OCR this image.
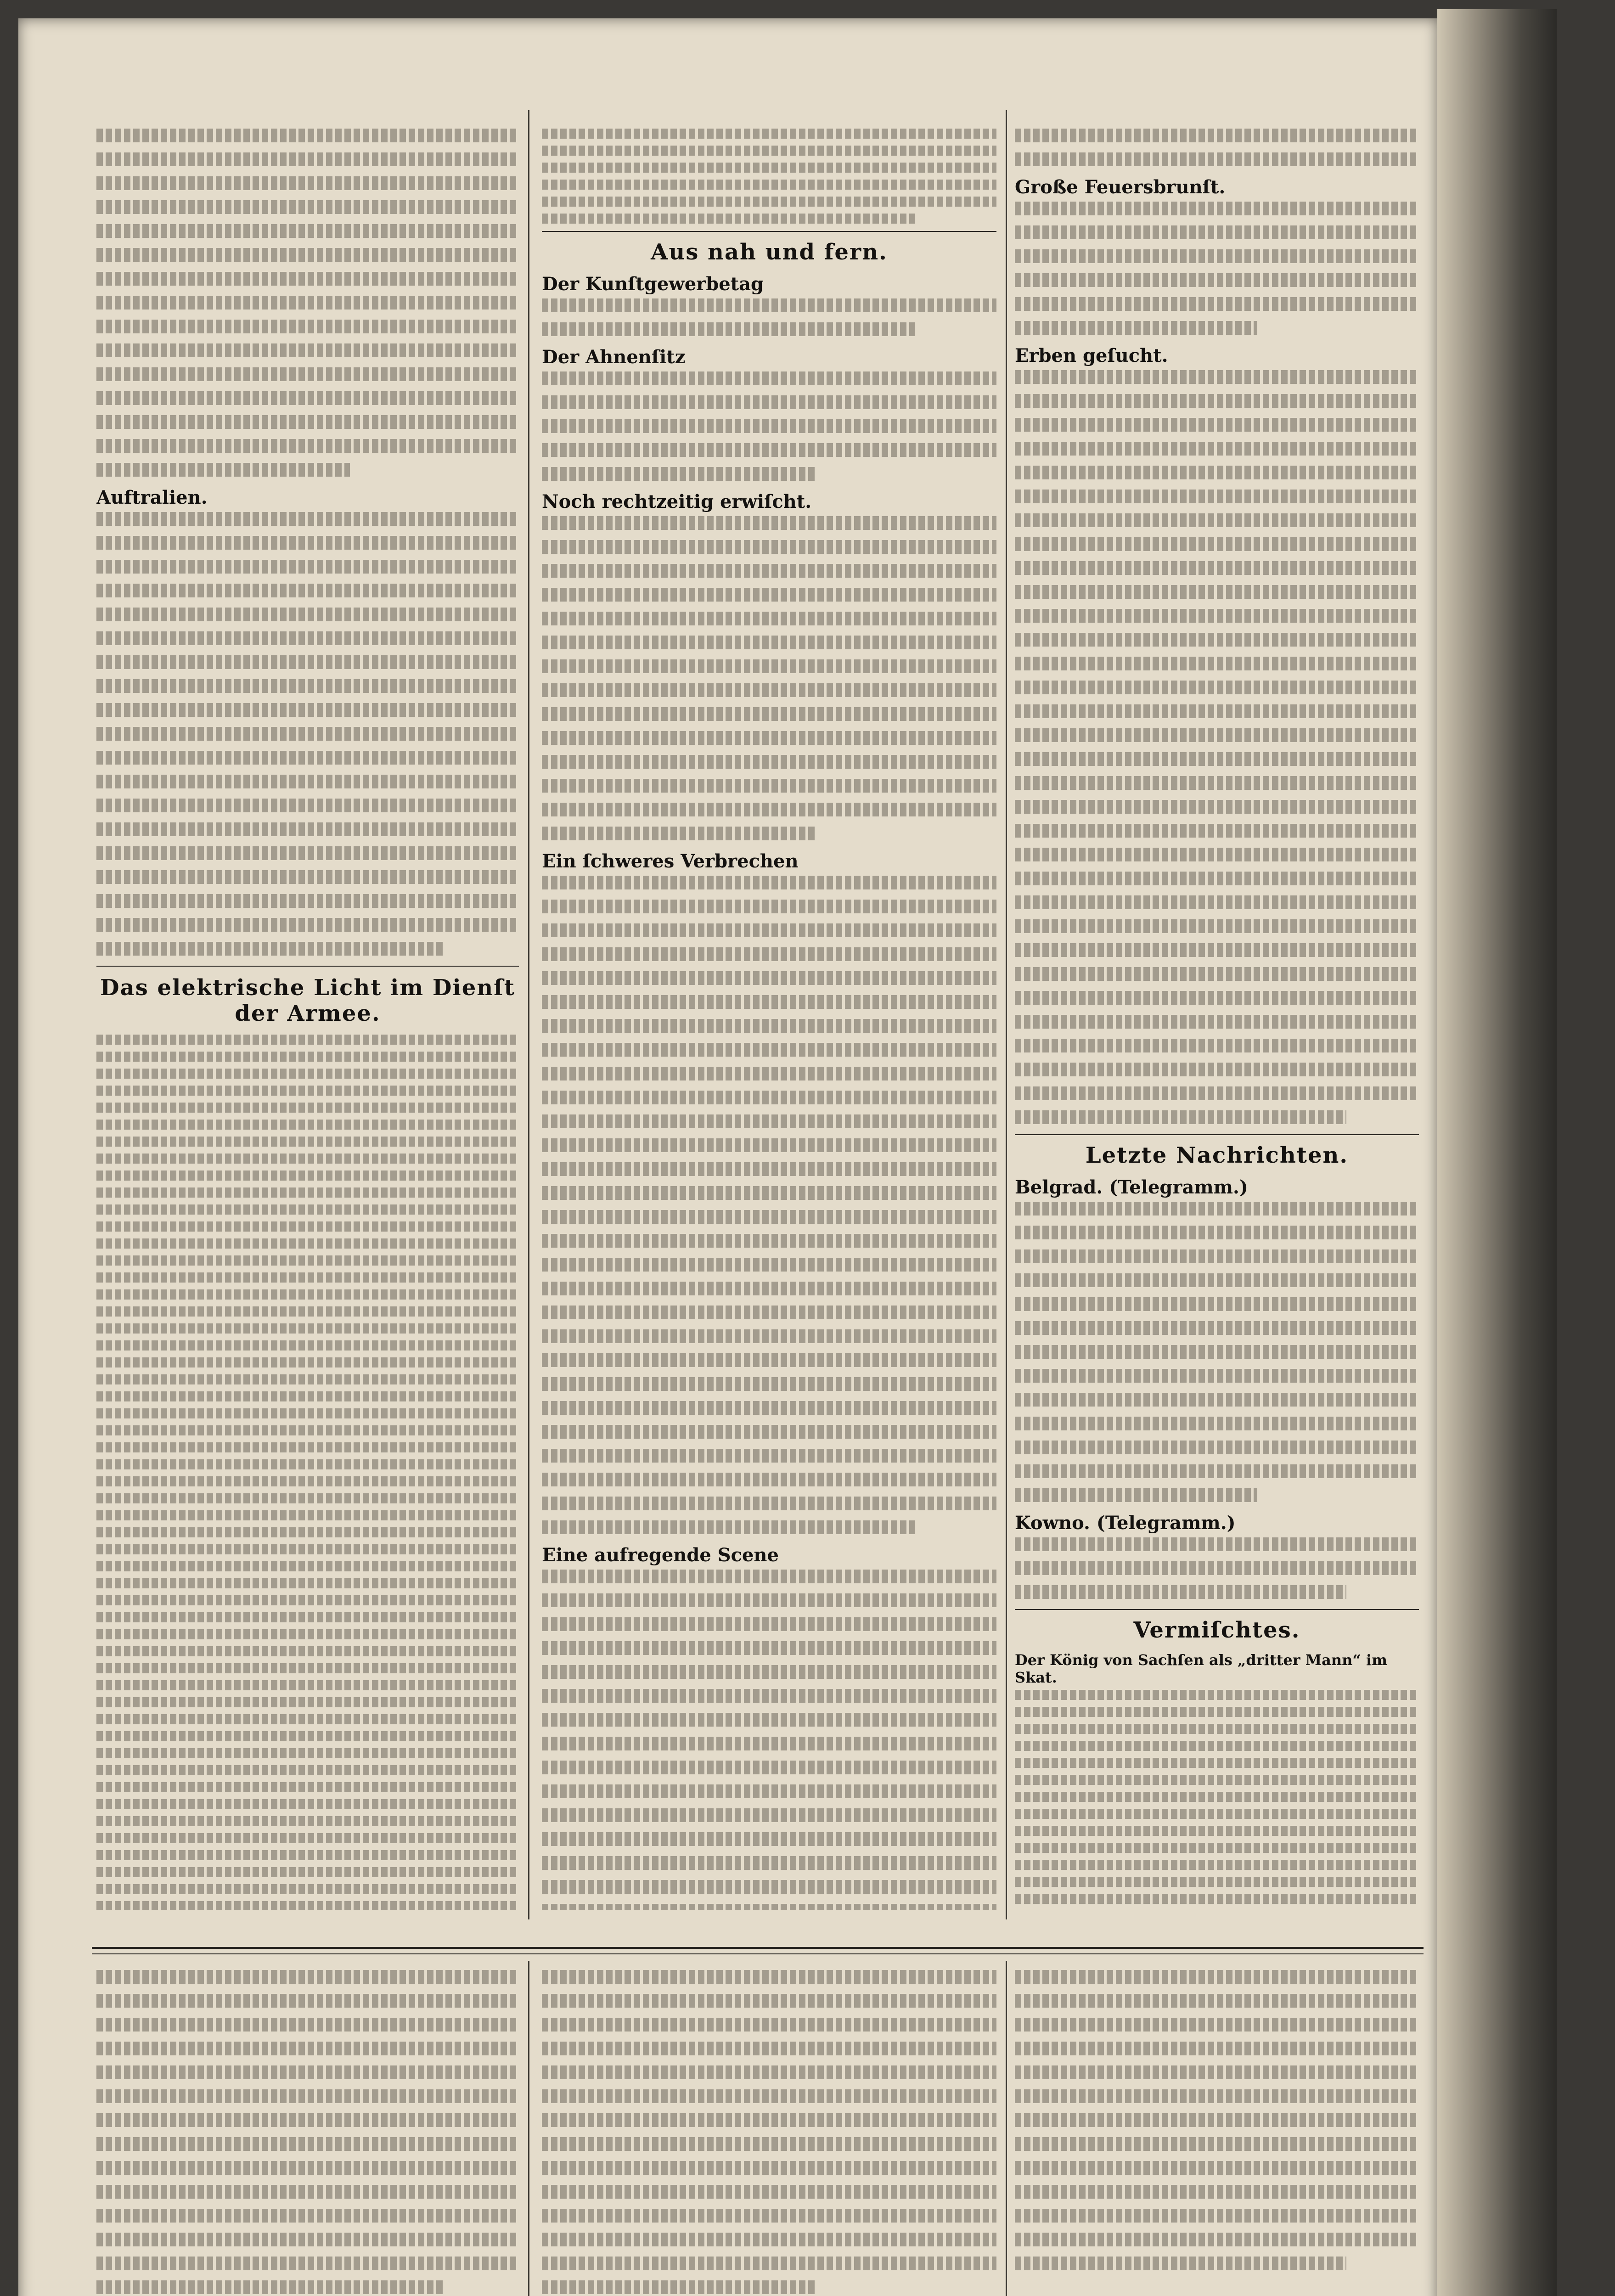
Auftralien.
Das elektrische Licht im Dienſt der Armee.
Aus nah und fern.
Der Kunſtgewerbetag
Der Ahnenſitz
Noch rechtzeitig erwiſcht.
Ein ſchweres Verbrechen
Eine aufregende Scene
Große Feuersbrunſt.
Erben geſucht.
Letzte Nachrichten.
Belgrad. (Telegramm.)
Kowno. (Telegramm.)
Vermiſchtes.
Der König von Sachſen als „dritter Mann“ im Skat.
